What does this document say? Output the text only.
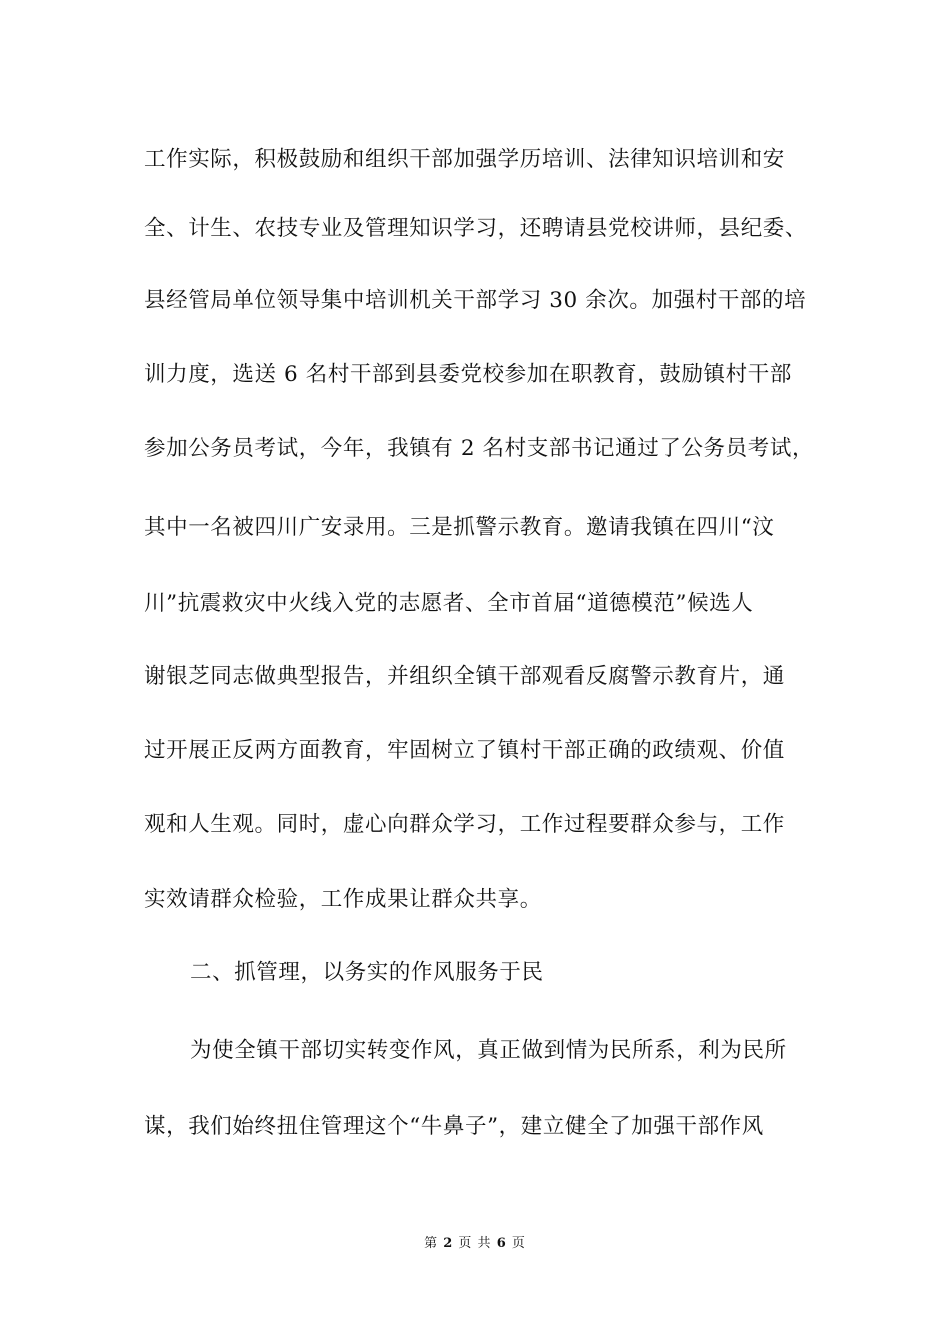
工作实际，积极鼓励和组织干部加强学历培训、法律知识培训和安
全、计生、农技专业及管理知识学习，还聘请县党校讲师，县纪委、
县经管局单位领导集中培训机关干部学习 30 余次。加强村干部的培
训力度，选送 6 名村干部到县委党校参加在职教育，鼓励镇村干部
参加公务员考试，今年，我镇有 2 名村支部书记通过了公务员考试，
其中一名被四川广安录用。三是抓警示教育。邀请我镇在四川“汶
川”抗震救灾中火线入党的志愿者、全市首届“道德模范”候选人
谢银芝同志做典型报告，并组织全镇干部观看反腐警示教育片，通
过开展正反两方面教育，牢固树立了镇村干部正确的政绩观、价值
观和人生观。同时，虚心向群众学习，工作过程要群众参与，工作
实效请群众检验，工作成果让群众共享。
二、抓管理，以务实的作风服务于民
为使全镇干部切实转变作风，真正做到情为民所系，利为民所
谋，我们始终扭住管理这个“牛鼻子”，建立健全了加强干部作风
第 2 页 共 6 页
